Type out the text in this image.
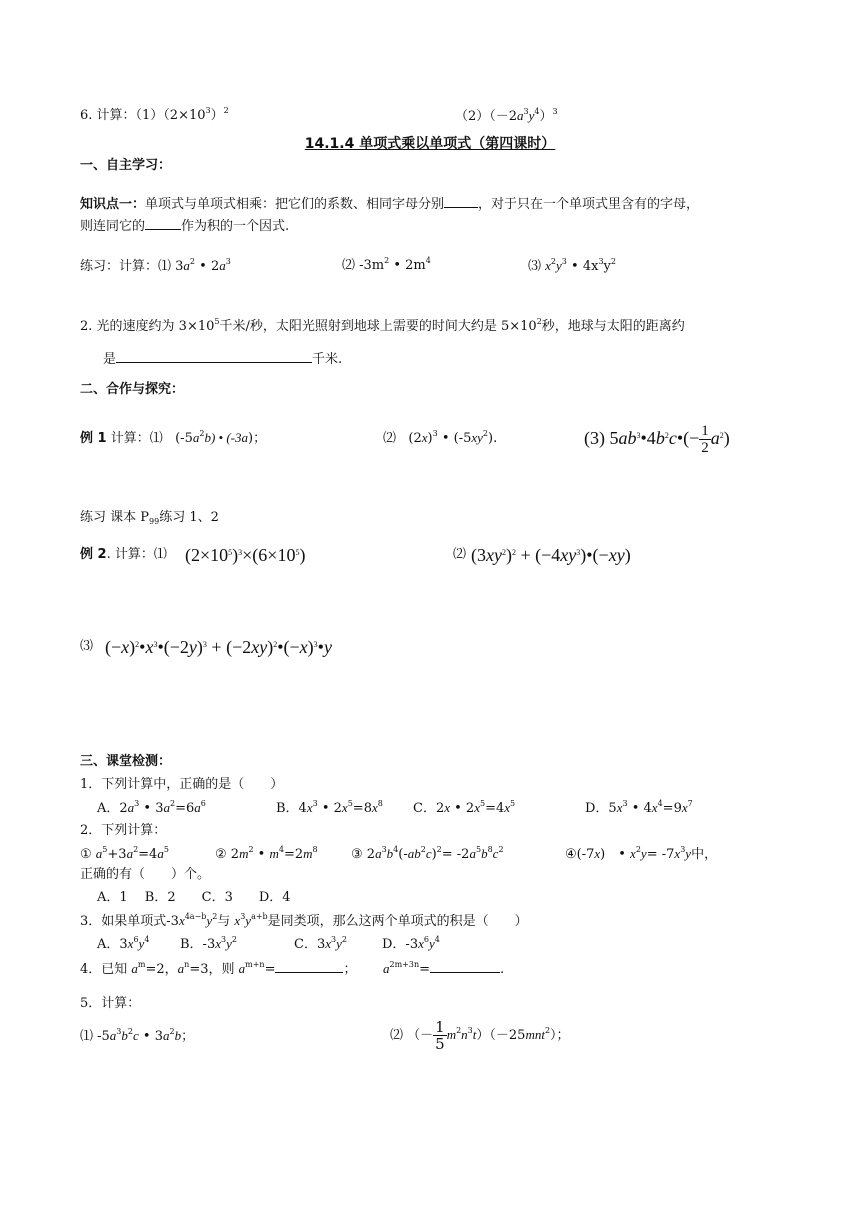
6. 计算：$(1)(2\times 10^3)^2$	$(2)(-2a^3y^4)^3$
14.1.4 单项式乘以单项式（第四课时）
一、自主学习：
知识点一：单项式与单项式相乘：把它们的系数、相同字母分别	，对于只在一个单项式里含有的字母，
则连同它的	作为积的一个因式.
练习：计算：⑴ $3a^2$ • $2a^3$	⑵ $-3m^2$ • $2m^4$	⑶ $x^2y^3$ • $4x^3y^2$
2. 光的速度约为 $3\times 10^5$千米/秒，太阳光照射到地球上需要的时间大约是 $5\times 10^2$秒，地球与太阳的距离约
是	千米.
二、合作与探究：
例 1 计算：⑴   $(-5a^2b)$ • (-3a)；	⑵   $(2x)^3$ • $(-5xy^2)$.	(3) $5ab^3•4b^2c•(- \frac{1}{2} a^2)$
练习 课本 $P_{99}$练习 1、2
例 2. 计算：⑴ $(2\times 10^5)^3\times(6\times 10^5)$	⑵ $(3xy^2)^2$ + $(-4xy^3)•(-xy)$
⑶ $(-x)^2•x^3•(-2y)^3$ + $(-2xy)^2•(-x)^3•y$
三、课堂检测：
1．下列计算中，正确的是（　　）
A．$2a^3$ • $3a^2=6a^6$	B．$4x^3$ • $2x^5=8x^8$ C．2x • $2x^5=4x^5$	D．$5x^3$ • $4x^4=9x^7$
2．下列计算：
① $a^5+3a^2=4a^5$	② $2m^2$ • $m^4=2m^8$	③ $2a^3b^4(-ab^2c)^2= -2a^5b^8c^2$	④(-7x)　• $x^2y= -7x^3y$中，
正确的有（　　）个。
A．1　 B．2　　C．3　　D．4
3．如果单项式$-3x^{4a-b}y^2$与 $x^3y^{a+b}$是同类项，那么这两个单项式的积是（　　）
A．$3x^6y^4$ B．$-3x^3y^2$	C．$3x^3y^2$	D．$-3x^6y^4$
4．已知 $a^m=2$，$a^n=3$，则 $a^{m+n}=$	； $a^{2m+3n}=$	.
5．计算：
⑴ $-5a^3b^2c$ • $3a^2b$；	⑵ （－ $\frac{1}{5} m^2n^3t)(-25mnt^2)$；
